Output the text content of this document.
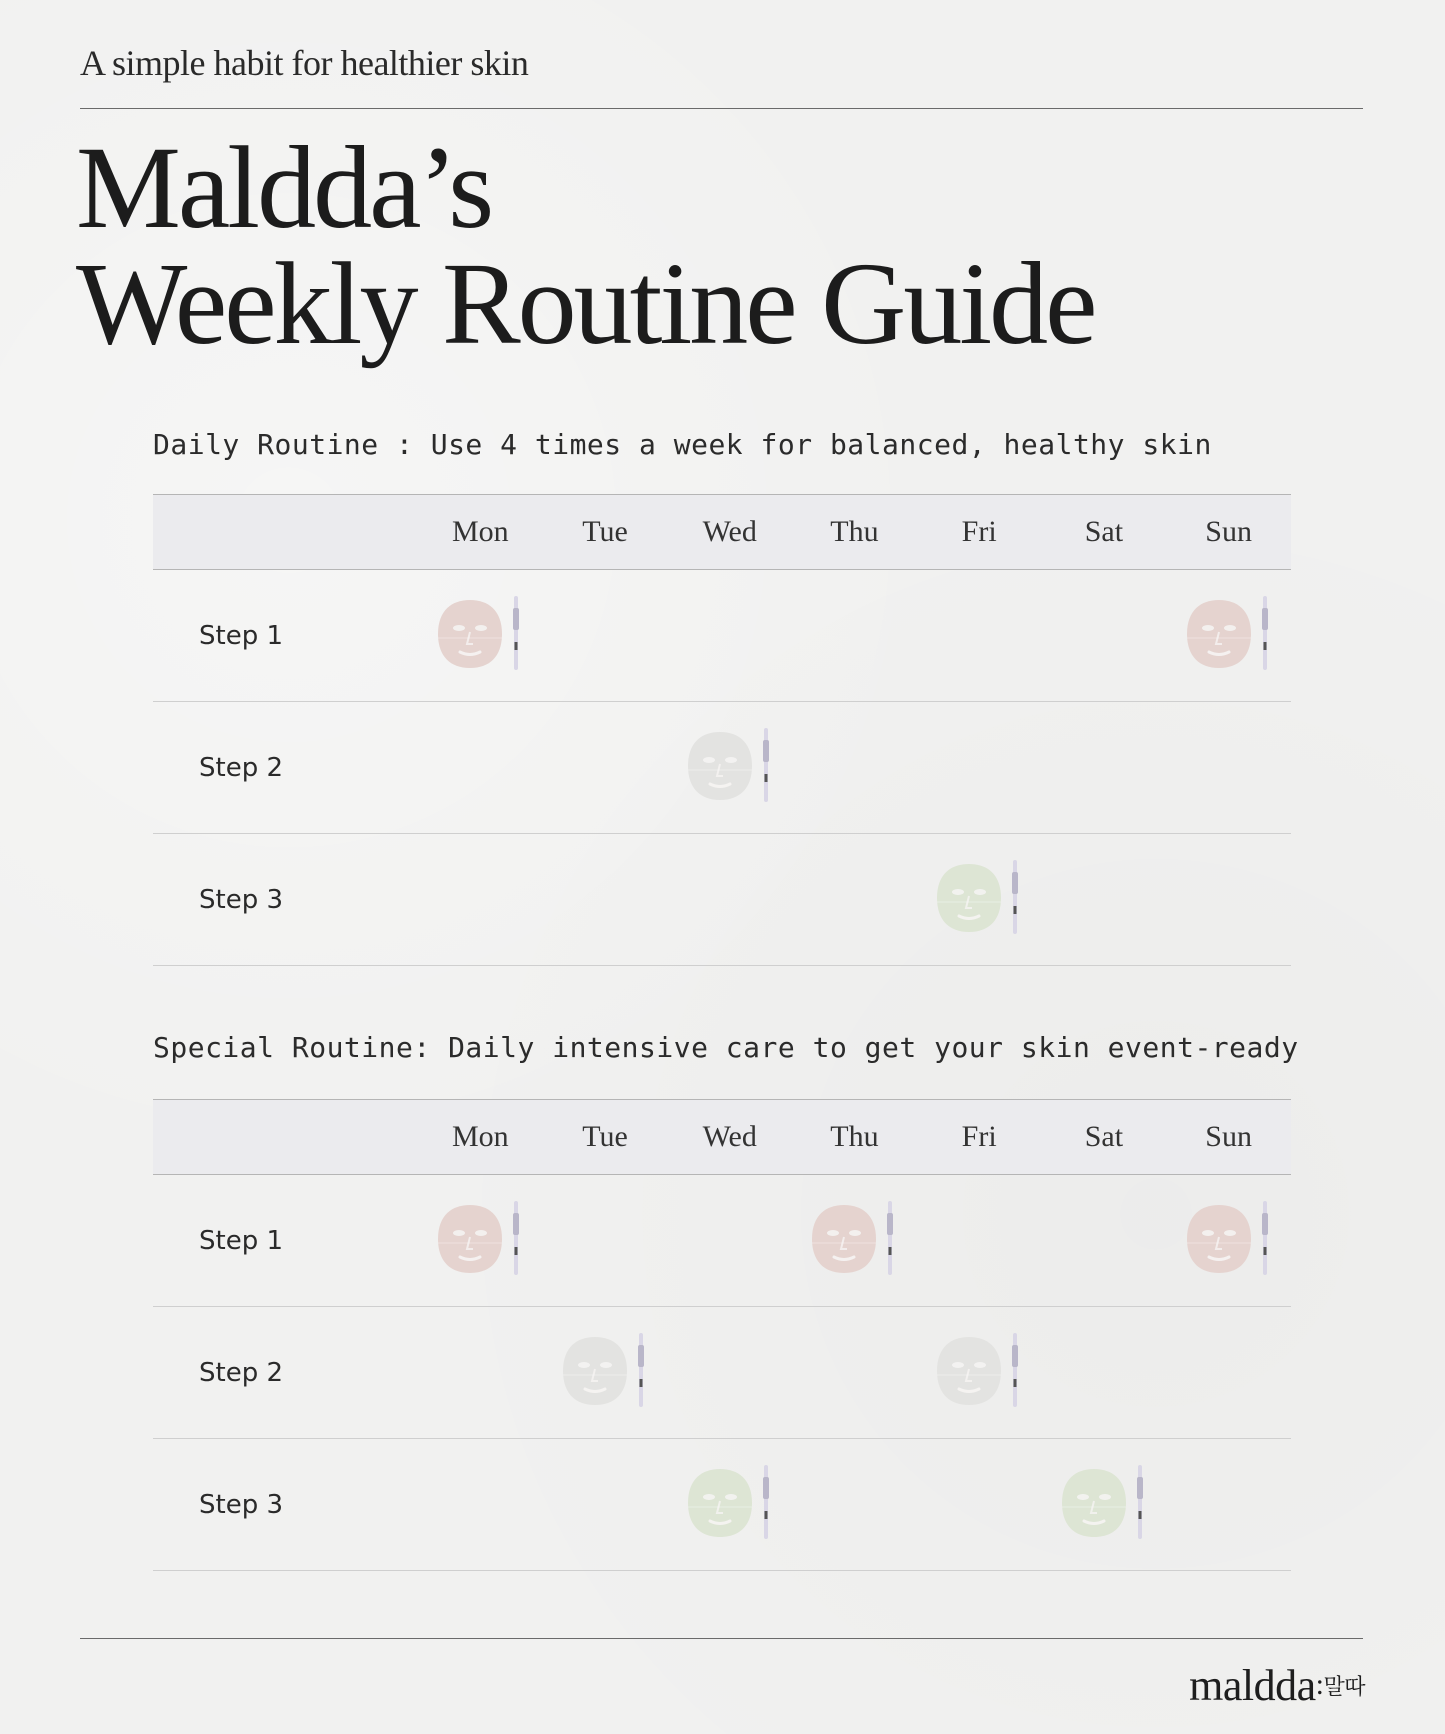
A simple habit for healthier skin
Maldda’s
Weekly Routine Guide
Daily Routine : Use 4 times a week for balanced, healthy skin
	Mon	Tue	Wed	Thu	Fri	Sat	Sun
Step 1	

Step 2			

Step 3					

Special Routine: Daily intensive care to get your skin event-ready
	Mon	Tue	Wed	Thu	Fri	Sat	Sun
Step 1	

Step 2		

Step 3			

maldda:말따
